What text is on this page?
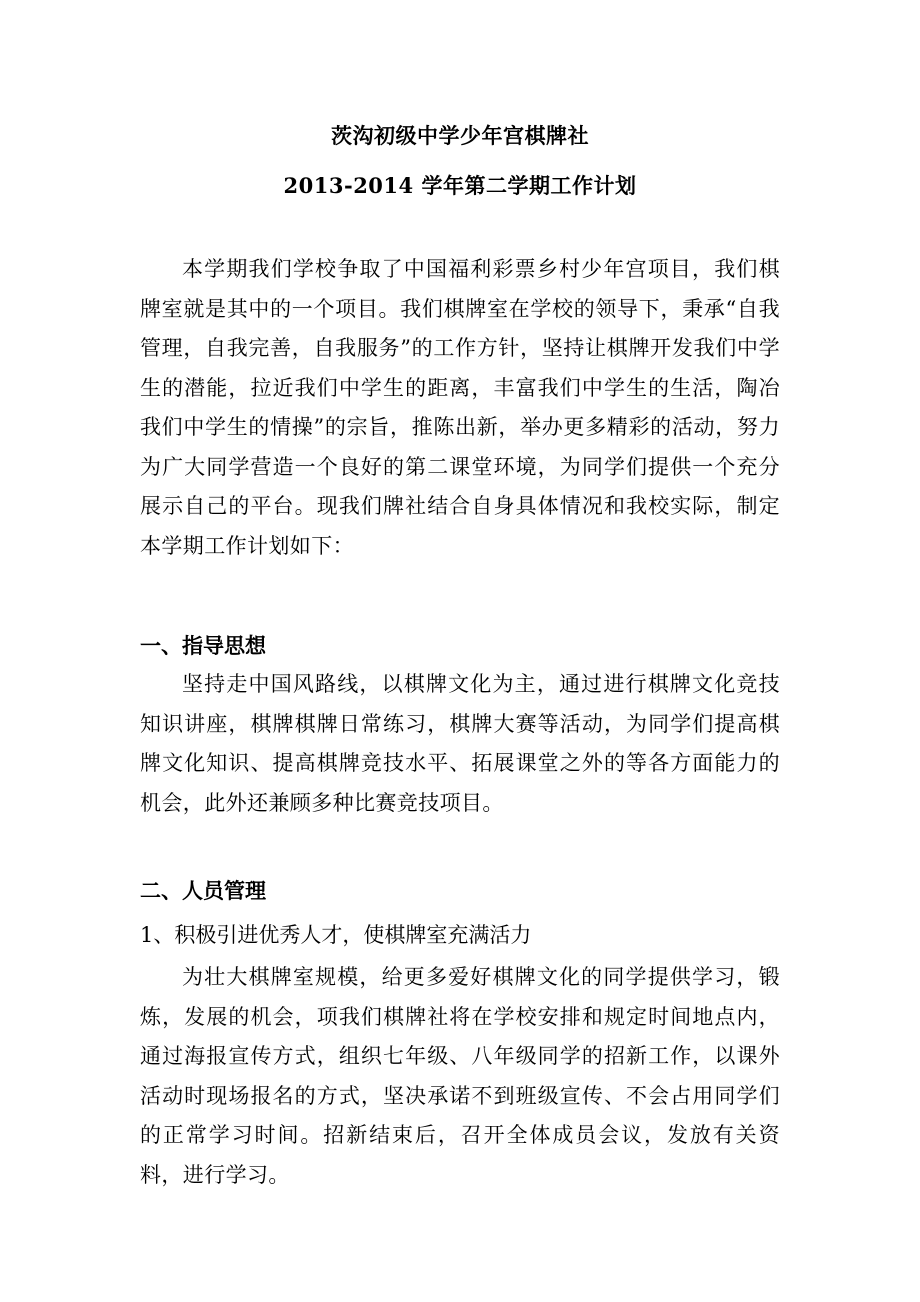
茨沟初级中学少年宫棋牌社
2013-2014 学年第二学期工作计划

本学期我们学校争取了中国福利彩票乡村少年宫项目，我们棋牌室就是其中的一个项目。我们棋牌室在学校的领导下，秉承“自我管理，自我完善，自我服务”的工作方针，坚持让棋牌开发我们中学生的潜能，拉近我们中学生的距离，丰富我们中学生的生活，陶冶我们中学生的情操”的宗旨，推陈出新，举办更多精彩的活动，努力为广大同学营造一个良好的第二课堂环境，为同学们提供一个充分展示自己的平台。现我们牌社结合自身具体情况和我校实际，制定本学期工作计划如下：

一、指导思想

坚持走中国风路线，以棋牌文化为主，通过进行棋牌文化竞技知识讲座，棋牌棋牌日常练习，棋牌大赛等活动，为同学们提高棋牌文化知识、提高棋牌竞技水平、拓展课堂之外的等各方面能力的机会，此外还兼顾多种比赛竞技项目。

二、人员管理
1、积极引进优秀人才，使棋牌室充满活力

为壮大棋牌室规模，给更多爱好棋牌文化的同学提供学习，锻炼，发展的机会，项我们棋牌社将在学校安排和规定时间地点内，通过海报宣传方式，组织七年级、八年级同学的招新工作，以课外活动时现场报名的方式，坚决承诺不到班级宣传、不会占用同学们的正常学习时间。招新结束后，召开全体成员会议，发放有关资料，进行学习。
